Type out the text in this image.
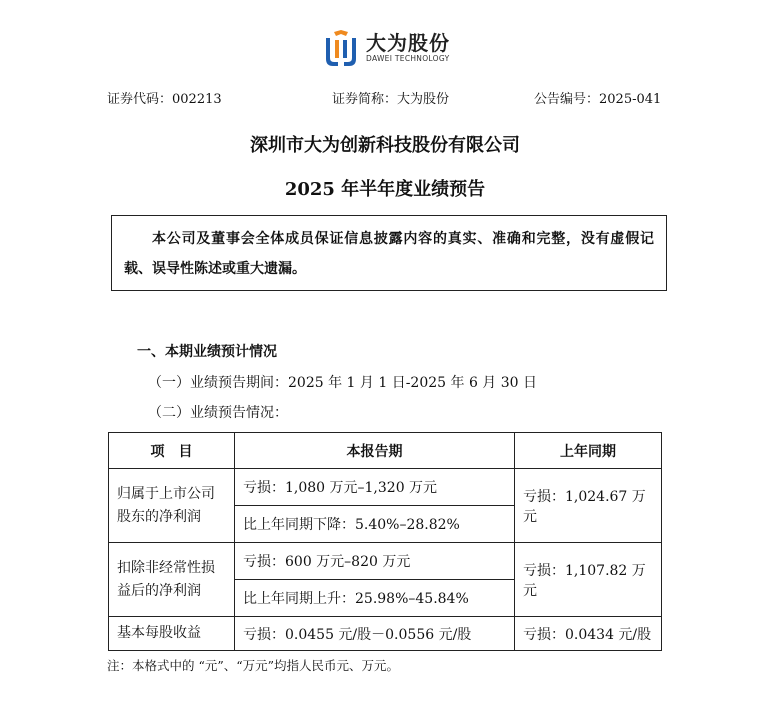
大为股份
DAWEI TECHNOLOGY
证券代码：002213	证券简称：大为股份	公告编号：2025-041
深圳市大为创新科技股份有限公司
2025 年半年度业绩预告
本公司及董事会全体成员保证信息披露内容的真实、准确和完整，没有虚假记载、误导性陈述或重大遗漏。
一、本期业绩预计情况
（一）业绩预告期间：2025 年 1 月 1 日-2025 年 6 月 30 日
（二）业绩预告情况：
项　目	本报告期	上年同期
归属于上市公司股东的净利润	亏损：1,080 万元–1,320 万元	亏损：1,024.67 万元
	比上年同期下降：5.40%–28.82%	
扣除非经常性损益后的净利润	亏损：600 万元–820 万元	亏损：1,107.82 万元
	比上年同期上升：25.98%–45.84%	
基本每股收益	亏损：0.0455 元/股－0.0556 元/股	亏损：0.0434 元/股
注：本格式中的 “元”、“万元”均指人民币元、万元。
